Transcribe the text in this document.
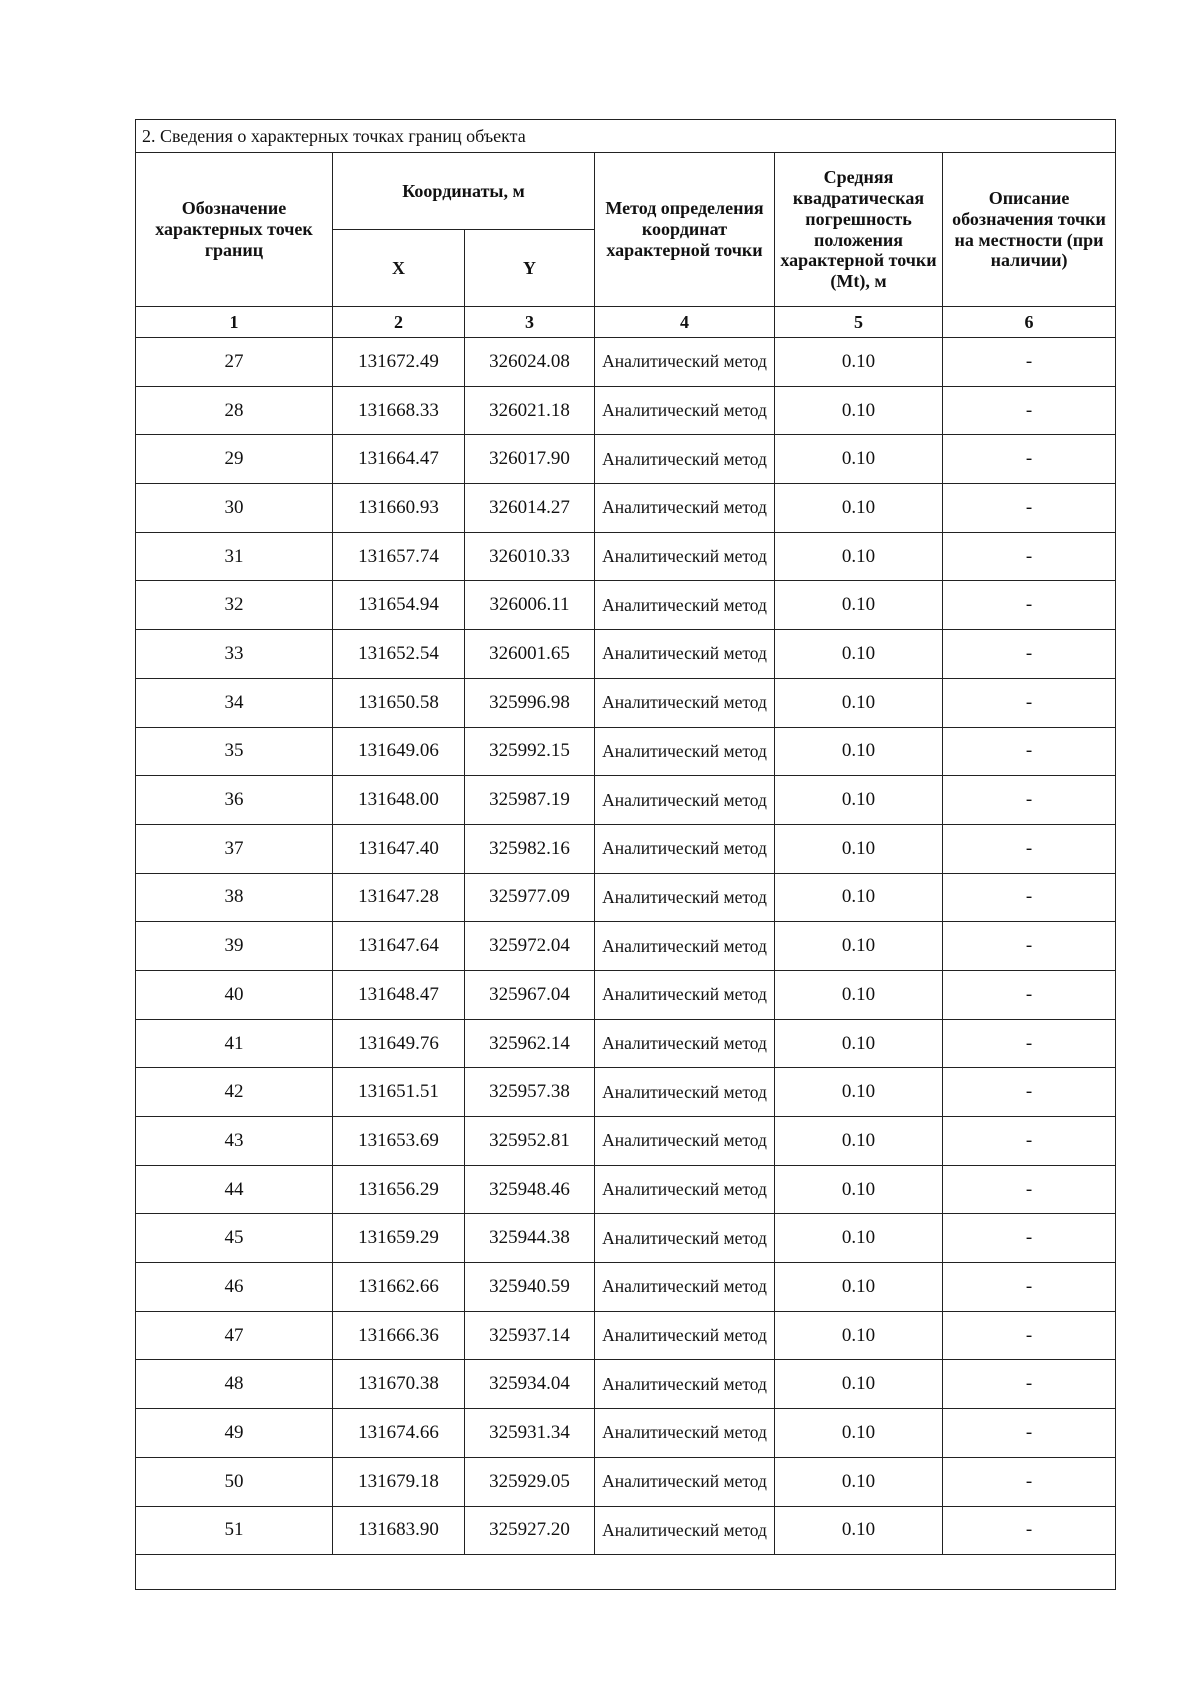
2. Сведения о характерных точках границ объекта					
Обозначение характерных точек границ	Координаты, м		Метод определения координат характерной точки	Средняя квадратическая погрешность положения характерной точки (Mt), м	Описание обозначения точки на местности (при наличии)
	X	Y			
1	2	3	4	5	6
27	131672.49	326024.08	Аналитический метод	0.10	-
28	131668.33	326021.18	Аналитический метод	0.10	-
29	131664.47	326017.90	Аналитический метод	0.10	-
30	131660.93	326014.27	Аналитический метод	0.10	-
31	131657.74	326010.33	Аналитический метод	0.10	-
32	131654.94	326006.11	Аналитический метод	0.10	-
33	131652.54	326001.65	Аналитический метод	0.10	-
34	131650.58	325996.98	Аналитический метод	0.10	-
35	131649.06	325992.15	Аналитический метод	0.10	-
36	131648.00	325987.19	Аналитический метод	0.10	-
37	131647.40	325982.16	Аналитический метод	0.10	-
38	131647.28	325977.09	Аналитический метод	0.10	-
39	131647.64	325972.04	Аналитический метод	0.10	-
40	131648.47	325967.04	Аналитический метод	0.10	-
41	131649.76	325962.14	Аналитический метод	0.10	-
42	131651.51	325957.38	Аналитический метод	0.10	-
43	131653.69	325952.81	Аналитический метод	0.10	-
44	131656.29	325948.46	Аналитический метод	0.10	-
45	131659.29	325944.38	Аналитический метод	0.10	-
46	131662.66	325940.59	Аналитический метод	0.10	-
47	131666.36	325937.14	Аналитический метод	0.10	-
48	131670.38	325934.04	Аналитический метод	0.10	-
49	131674.66	325931.34	Аналитический метод	0.10	-
50	131679.18	325929.05	Аналитический метод	0.10	-
51	131683.90	325927.20	Аналитический метод	0.10	-
